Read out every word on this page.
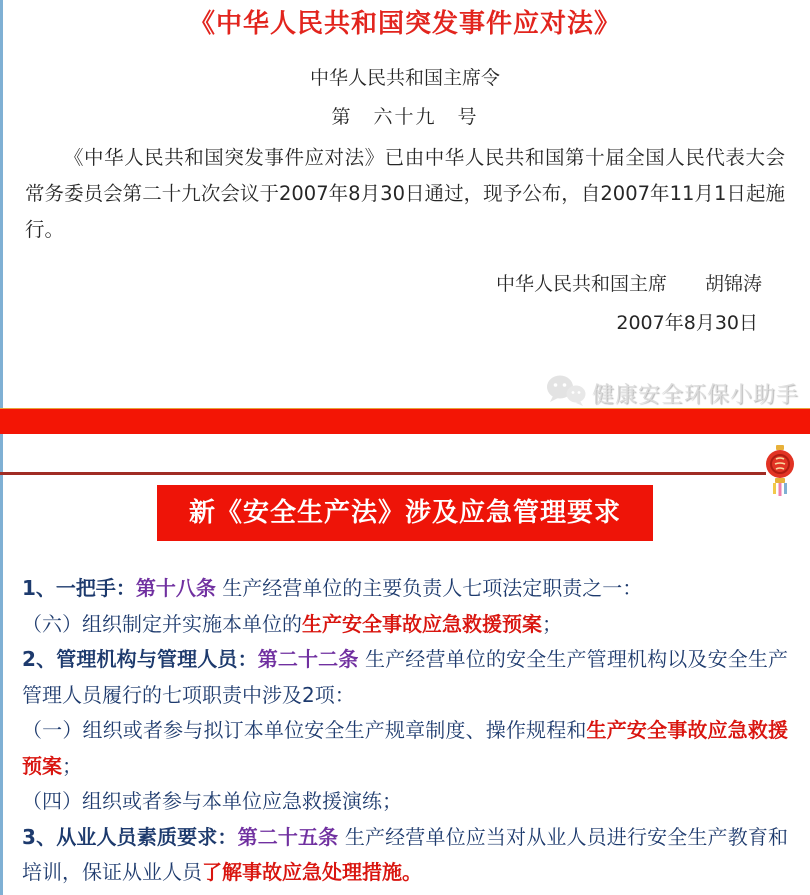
《中华人民共和国突发事件应对法》
中华人民共和国主席令
第　六十九　号

《中华人民共和国突发事件应对法》已由中华人民共和国第十届全国人民代表大会常务委员会第二十九次会议于2007年8月30日通过，现予公布，自2007年11月1日起施行。

中华人民共和国主席　　胡锦涛
2007年8月30日
健康安全环保小助手
新《安全生产法》涉及应急管理要求

1、一把手：第十八条 生产经营单位的主要负责人七项法定职责之一：

（六）组织制定并实施本单位的生产安全事故应急救援预案；

2、管理机构与管理人员：第二十二条 生产经营单位的安全生产管理机构以及安全生产管理人员履行的七项职责中涉及2项：

（一）组织或者参与拟订本单位安全生产规章制度、操作规程和生产安全事故应急救援预案；

（四）组织或者参与本单位应急救援演练；

3、从业人员素质要求：第二十五条 生产经营单位应当对从业人员进行安全生产教育和培训，保证从业人员了解事故应急处理措施。
